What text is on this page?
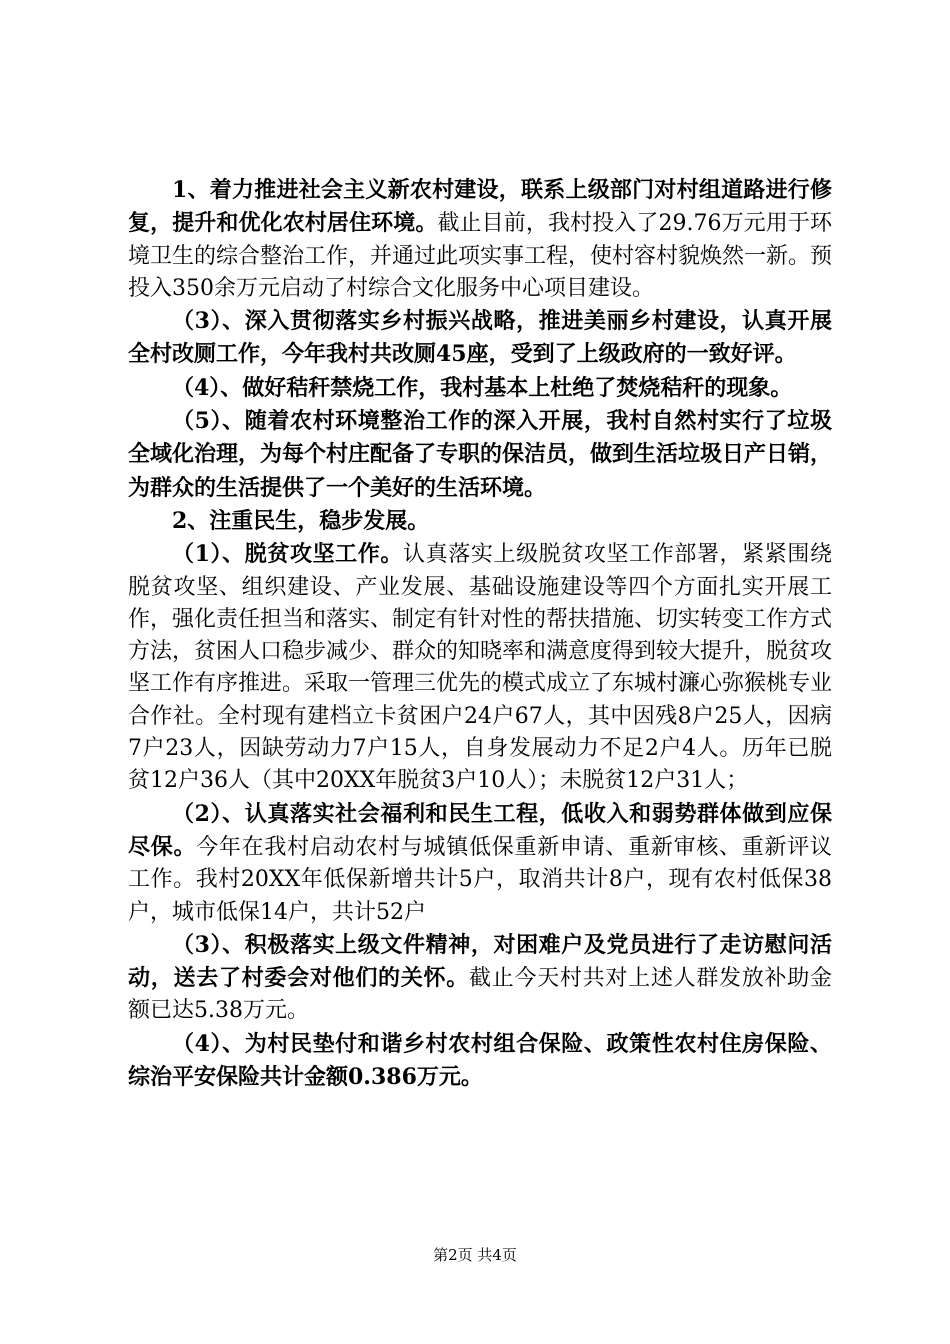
1、着力推进社会主义新农村建设，联系上级部门对村组道路进行修复，提升和优化农村居住环境。截止目前，我村投入了29.76万元用于环境卫生的综合整治工作，并通过此项实事工程，使村容村貌焕然一新。预投入350余万元启动了村综合文化服务中心项目建设。

（3）、深入贯彻落实乡村振兴战略，推进美丽乡村建设，认真开展全村改厕工作，今年我村共改厕45座，受到了上级政府的一致好评。

（4）、做好秸秆禁烧工作，我村基本上杜绝了焚烧秸秆的现象。

（5）、随着农村环境整治工作的深入开展，我村自然村实行了垃圾全域化治理，为每个村庄配备了专职的保洁员，做到生活垃圾日产日销，为群众的生活提供了一个美好的生活环境。

2、注重民生，稳步发展。

（1）、脱贫攻坚工作。认真落实上级脱贫攻坚工作部署，紧紧围绕脱贫攻坚、组织建设、产业发展、基础设施建设等四个方面扎实开展工作，强化责任担当和落实、制定有针对性的帮扶措施、切实转变工作方式方法，贫困人口稳步减少、群众的知晓率和满意度得到较大提升，脱贫攻坚工作有序推进。采取一管理三优先的模式成立了东城村濂心弥猴桃专业合作社。全村现有建档立卡贫困户24户67人，其中因残8户25人，因病7户23人，因缺劳动力7户15人，自身发展动力不足2户4人。历年已脱贫12户36人（其中20XX年脱贫3户10人）；未脱贫12户31人；

（2）、认真落实社会福利和民生工程，低收入和弱势群体做到应保尽保。今年在我村启动农村与城镇低保重新申请、重新审核、重新评议工作。我村20XX年低保新增共计5户，取消共计8户，现有农村低保38户，城市低保14户，共计52户

（3）、积极落实上级文件精神，对困难户及党员进行了走访慰问活动，送去了村委会对他们的关怀。截止今天村共对上述人群发放补助金额已达5.38万元。

（4）、为村民垫付和谐乡村农村组合保险、政策性农村住房保险、综治平安保险共计金额0.386万元。

第2页 共4页
